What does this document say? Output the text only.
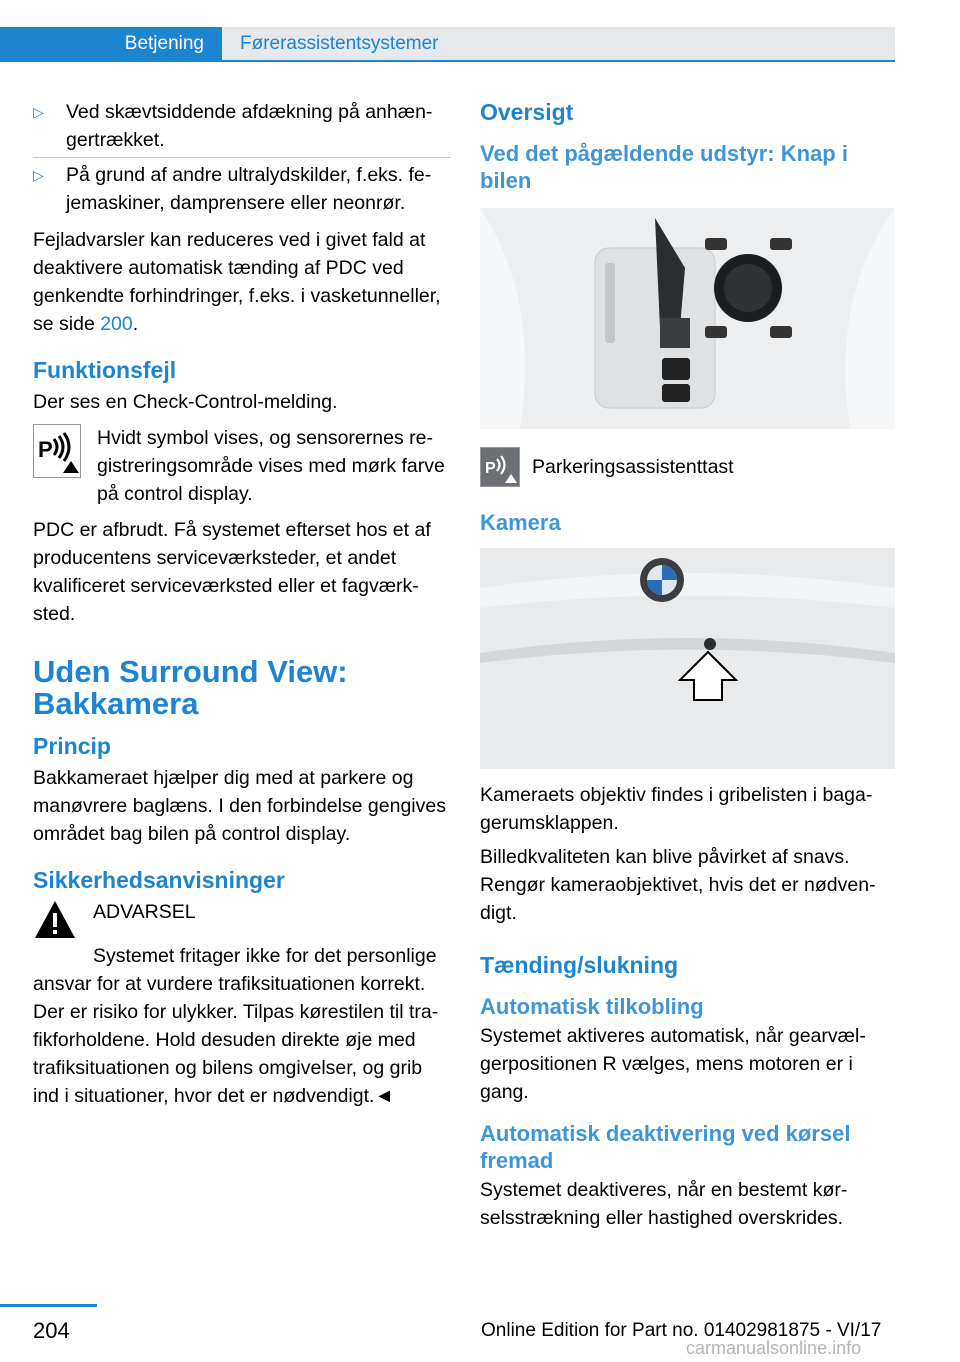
Betjening	Førerassistentsystemer
▷ Ved skævtsiddende afdækning på anhængertrækket.
▷ På grund af andre ultralydskilder, f.eks. fejemaskiner, damprensere eller neonrør.

Fejladvarsler kan reduceres ved i givet fald at deaktivere automatisk tænding af PDC ved genkendte forhindringer, f.eks. i vasketunneller, se side 200.

Funktionsfejl

Der ses en Check-Control-melding.

P Hvidt symbol vises, og sensorernes registreringsområde vises med mørk farve på control display.

PDC er afbrudt. Få systemet efterset hos et af producentens serviceværksteder, et andet kvalificeret serviceværksted eller et fagværksted.

Uden Surround View: Bakkamera
Princip

Bakkameraet hjælper dig med at parkere og manøvrere baglæns. I den forbindelse gengives området bag bilen på control display.

Sikkerhedsanvisninger
ADVARSEL
Systemet fritager ikke for det personlige ansvar for at vurdere trafiksituationen korrekt. Der er risiko for ulykker. Tilpas kørestilen til trafikforholdene. Hold desuden direkte øje med trafiksituationen og bilens omgivelser, og grib ind i situationer, hvor det er nødvendigt.◄
Oversigt
Ved det pågældende udstyr: Knap i bilen
P Parkeringsassistenttast
Kamera

Kameraets objektiv findes i gribelisten i bagagerumsklappen.

Billedkvaliteten kan blive påvirket af snavs. Rengør kameraobjektivet, hvis det er nødvendigt.

Tænding/slukning
Automatisk tilkobling

Systemet aktiveres automatisk, når gearvælgerpositionen R vælges, mens motoren er i gang.

Automatisk deaktivering ved kørsel fremad

Systemet deaktiveres, når en bestemt kørselsstrækning eller hastighed overskrides.

204	Online Edition for Part no. 01402981875 - VI/17
carmanualsonline.info
